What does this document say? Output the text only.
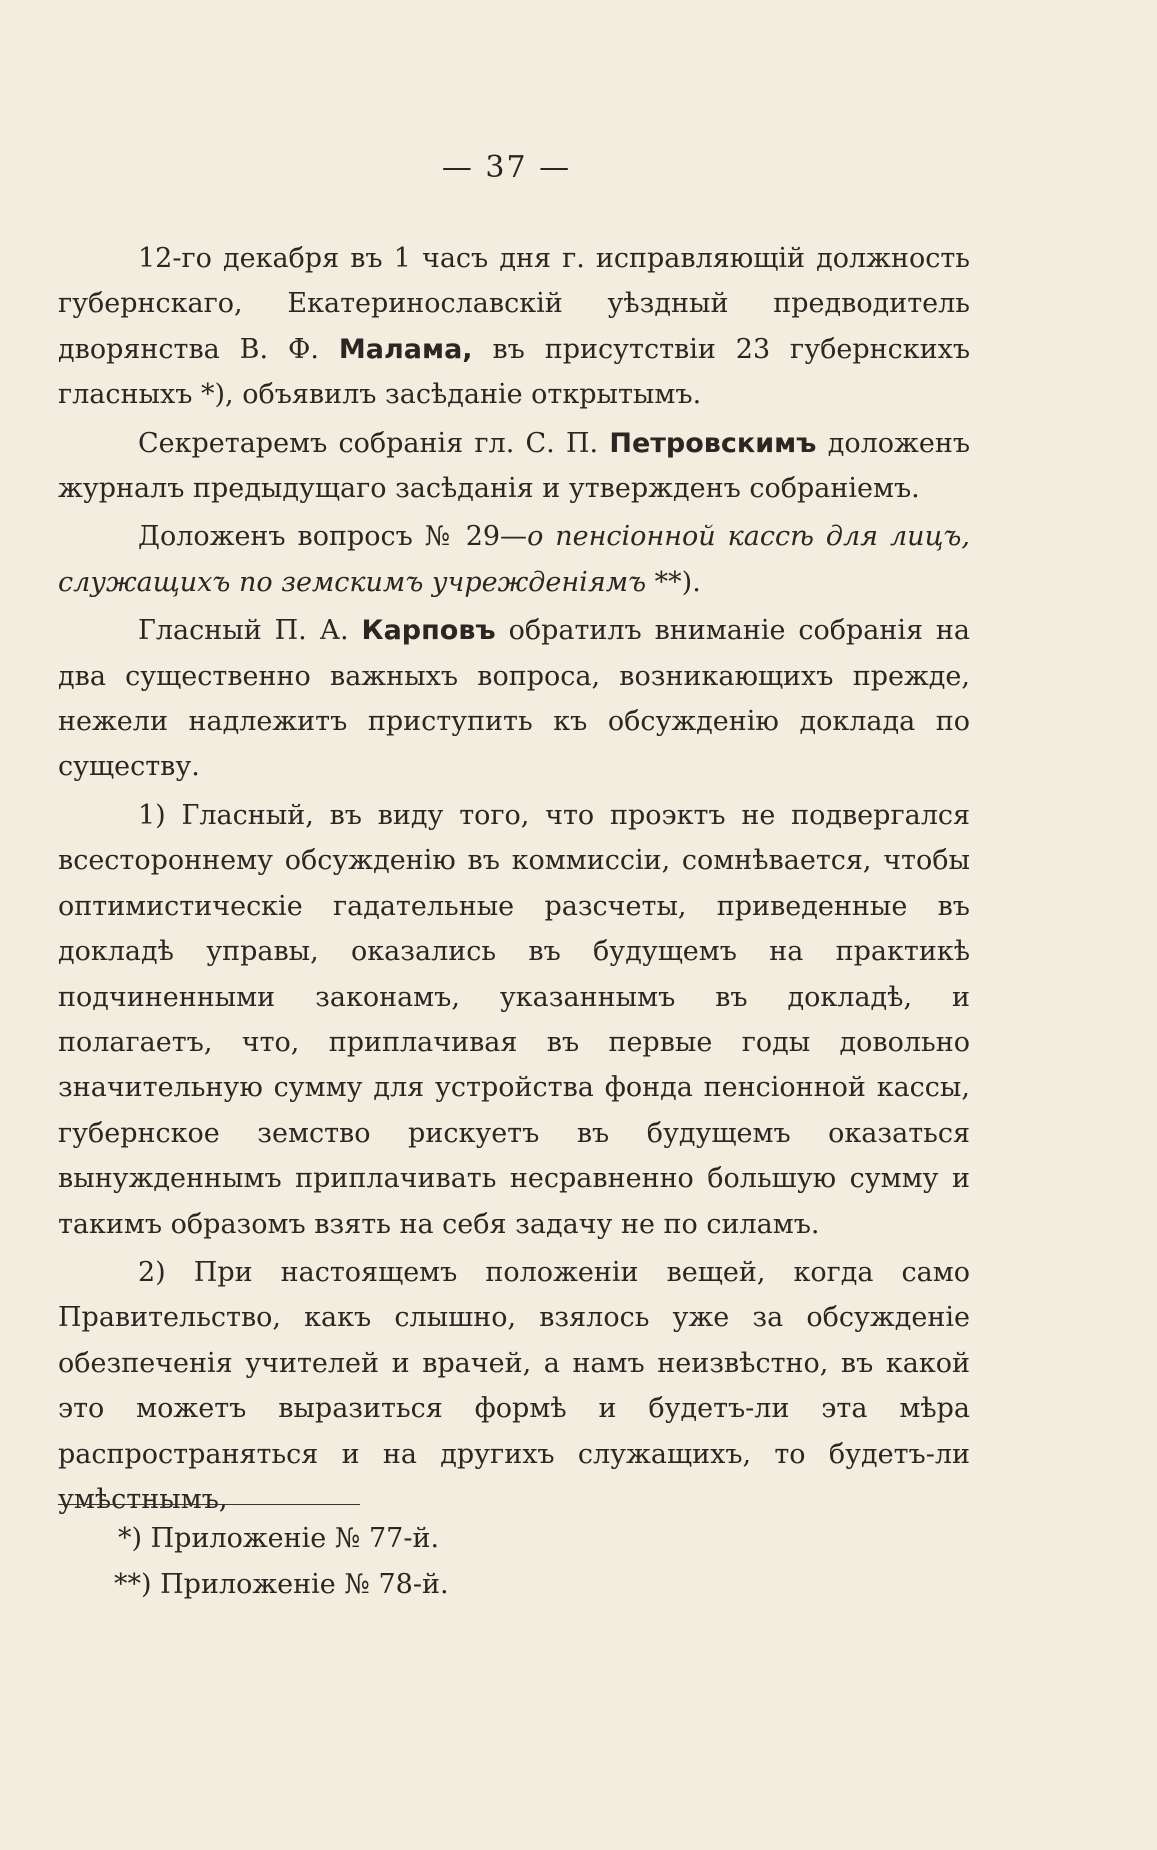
— 37 —

12-го декабря въ 1 часъ дня г. исправляющій должность губернскаго, Екатеринославскій уѣздный предводитель дворянства В. Ф. Малама, въ присутствіи 23 губернскихъ гласныхъ *), объявилъ засѣданіе открытымъ.

Секретаремъ собранія гл. С. П. Петровскимъ доложенъ журналъ предыдущаго засѣданія и утвержденъ собраніемъ.

Доложенъ вопросъ № 29—о пенсіонной кассѣ для лицъ, служащихъ по земскимъ учрежденіямъ **).

Гласный П. А. Карповъ обратилъ вниманіе собранія на два существенно важныхъ вопроса, возникающихъ прежде, нежели надлежитъ приступить къ обсужденію доклада по существу.

1) Гласный, въ виду того, что проэктъ не подвергался всестороннему обсужденію въ коммиссіи, сомнѣвается, чтобы оптимистическіе гадательные разсчеты, приведенные въ докладѣ управы, оказались въ будущемъ на практикѣ подчиненными законамъ, указаннымъ въ докладѣ, и полагаетъ, что, приплачивая въ первые годы довольно значительную сумму для устройства фонда пенсіонной кассы, губернское земство рискуетъ въ будущемъ оказаться вынужденнымъ приплачивать несравненно большую сумму и такимъ образомъ взять на себя задачу не по силамъ.

2) При настоящемъ положеніи вещей, когда само Правительство, какъ слышно, взялось уже за обсужденіе обезпеченія учителей и врачей, а намъ неизвѣстно, въ какой это можетъ выразиться формѣ и будетъ-ли эта мѣра распространяться и на другихъ служащихъ, то будетъ-ли умѣстнымъ,

*) Приложеніе № 77-й.

**) Приложеніе № 78-й.
